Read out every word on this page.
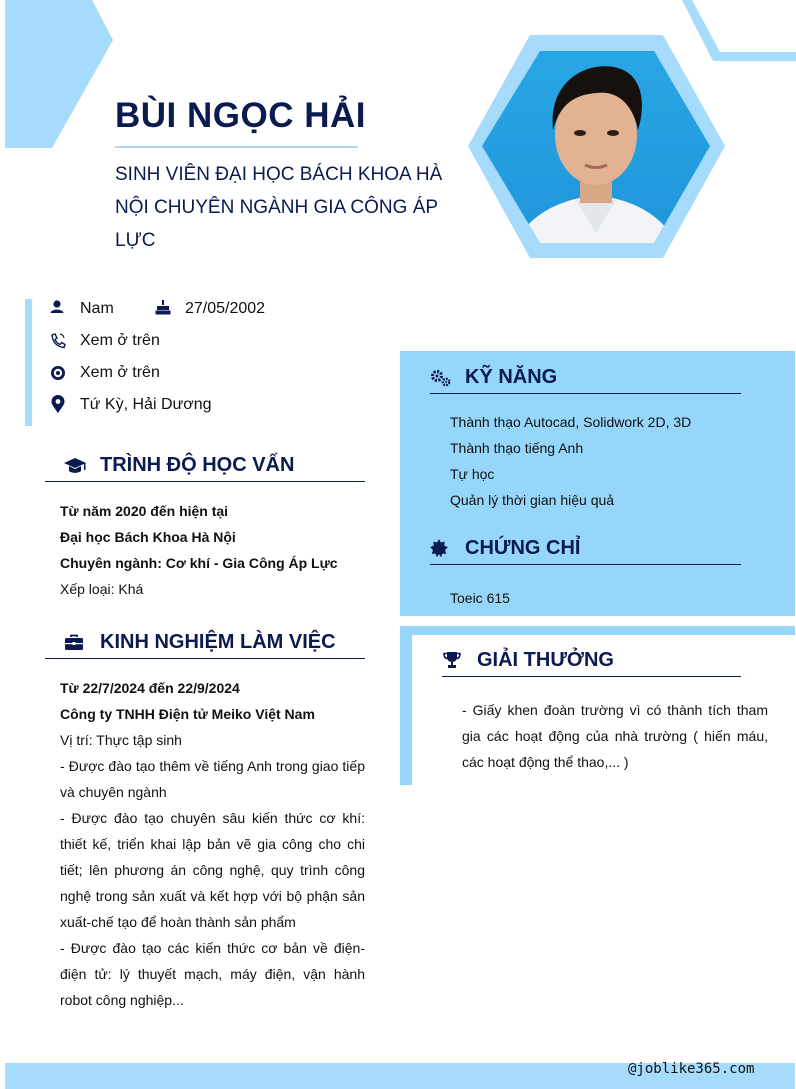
BÙI NGỌC HẢI
SINH VIÊN ĐẠI HỌC BÁCH KHOA HÀ NỘI CHUYÊN NGÀNH GIA CÔNG ÁP LỰC
Nam	27/05/2002
Xem ở trên
Xem ở trên
Tứ Kỳ, Hải Dương
TRÌNH ĐỘ HỌC VẤN
Từ năm 2020 đến hiện tại
Đại học Bách Khoa Hà Nội
Chuyên ngành: Cơ khí - Gia Công Áp Lực
Xếp loại: Khá
KINH NGHIỆM LÀM VIỆC
Từ 22/7/2024 đến 22/9/2024
Công ty TNHH Điện tử Meiko Việt Nam
Vị trí: Thực tập sinh
- Được đào tạo thêm về tiếng Anh trong giao tiếp và chuyên ngành
- Được đào tạo chuyên sâu kiến thức cơ khí: thiết kế, triển khai lập bản vẽ gia công cho chi tiết; lên phương án công nghệ, quy trình công nghệ trong sản xuất và kết hợp với bộ phận sản xuất-chế tạo để hoàn thành sản phẩm
- Được đào tạo các kiến thức cơ bản về điện-điện tử: lý thuyết mạch, máy điện, vận hành robot công nghiệp...
KỸ NĂNG
Thành thạo Autocad, Solidwork 2D, 3D
Thành thạo tiếng Anh
Tự học
Quản lý thời gian hiệu quả
CHỨNG CHỈ
Toeic 615
GIẢI THƯỞNG
- Giấy khen đoàn trường vì có thành tích tham gia các hoạt động của nhà trường ( hiến máu, các hoạt động thể thao,... )
@joblike365.com
